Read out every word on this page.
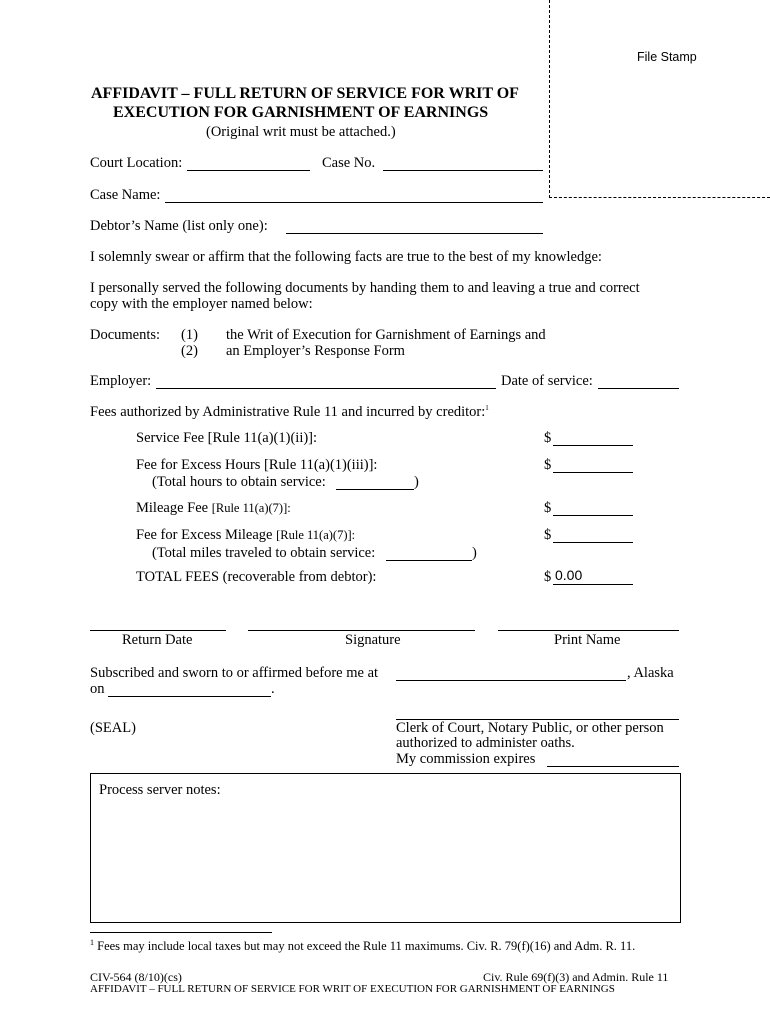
File Stamp
AFFIDAVIT – FULL RETURN OF SERVICE FOR WRIT OF
EXECUTION FOR GARNISHMENT OF EARNINGS
(Original writ must be attached.)
Court Location:	Case No.
Case Name:
Debtor’s Name (list only one):
I solemnly swear or affirm that the following facts are true to the best of my knowledge:
I personally served the following documents by handing them to and leaving a true and correct
copy with the employer named below:
Documents: (1) the Writ of Execution for Garnishment of Earnings and
(2) an Employer’s Response Form
Employer:	Date of service:
Fees authorized by Administrative Rule 11 and incurred by creditor:$^1$
Service Fee [Rule 11(a)(1)(ii)]:	$
Fee for Excess Hours [Rule 11(a)(1)(iii)]:	$
(Total hours to obtain service:	)
Mileage Fee [Rule 11(a)(7)]:	$
Fee for Excess Mileage [Rule 11(a)(7)]:	$
(Total miles traveled to obtain service:	)
TOTAL FEES (recoverable from debtor):	$ 0.00
Return Date	Signature	Print Name
Subscribed and sworn to or affirmed before me at	, Alaska
on	.
(SEAL)	Clerk of Court, Notary Public, or other person
authorized to administer oaths.
My commission expires
Process server notes:
$^1$ Fees may include local taxes but may not exceed the Rule 11 maximums. Civ. R. 79(f)(16) and Adm. R. 11.
CIV-564 (8/10)(cs)	Civ. Rule 69(f)(3) and Admin. Rule 11
AFFIDAVIT – FULL RETURN OF SERVICE FOR WRIT OF EXECUTION FOR GARNISHMENT OF EARNINGS
